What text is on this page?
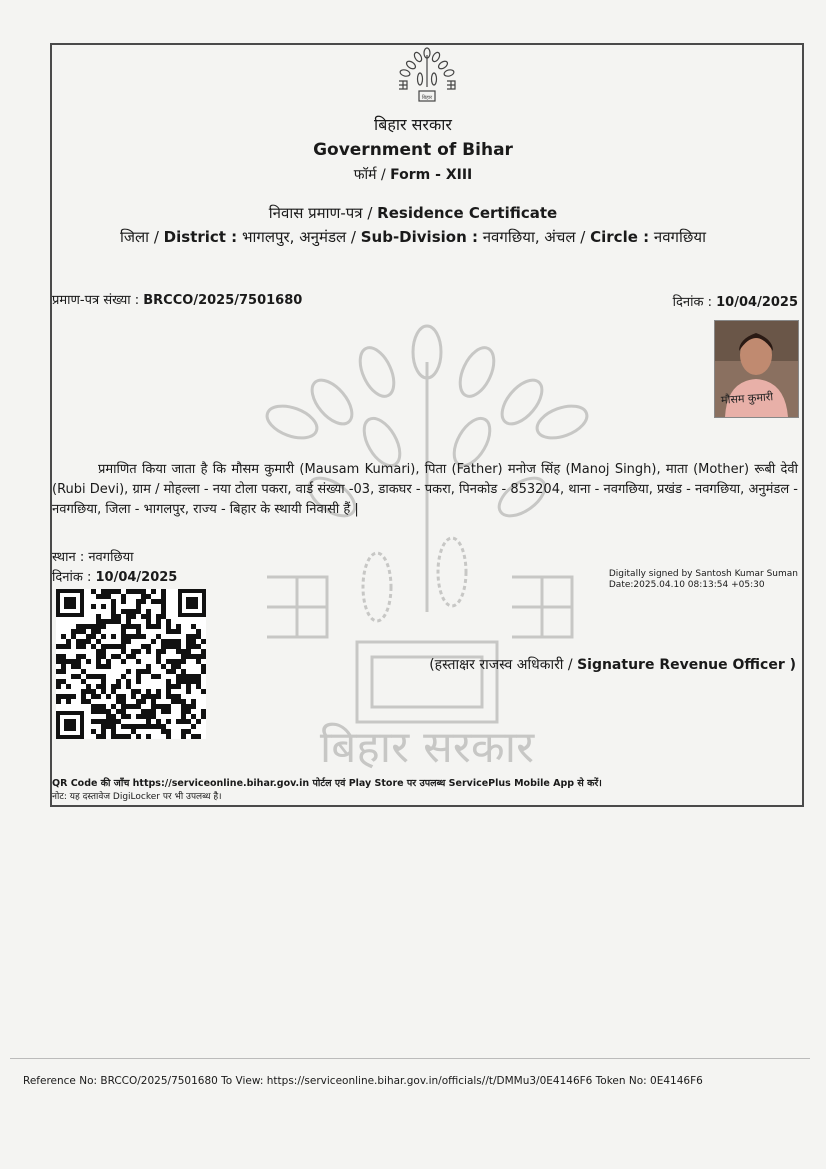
बिहार
बिहार सरकार
बिहार सरकार
Government of Bihar
फॉर्म / Form - XIII
निवास प्रमाण-पत्र / Residence Certificate
जिला / District : भागलपुर, अनुमंडल / Sub-Division : नवगछिया, अंचल / Circle : नवगछिया
प्रमाण-पत्र संख्या : BRCCO/2025/7501680	दिनांक : 10/04/2025
मौसम कुमारी
प्रमाणित किया जाता है कि मौसम कुमारी (Mausam Kumari), पिता (Father) मनोज सिंह (Manoj Singh), माता (Mother) रूबी देवी (Rubi Devi), ग्राम / मोहल्ला - नया टोला पकरा, वार्ड संख्या -03, डाकघर - पकरा, पिनकोड - 853204, थाना - नवगछिया, प्रखंड - नवगछिया, अनुमंडल - नवगछिया, जिला - भागलपुर, राज्य - बिहार के स्थायी निवासी हैं |
स्थान : नवगछिया
दिनांक : 10/04/2025	Digitally signed by Santosh Kumar Suman
Date:2025.04.10 08:13:54 +05:30
(हस्ताक्षर राजस्व अधिकारी / Signature Revenue Officer )
QR Code की जाँच https://serviceonline.bihar.gov.in पोर्टल एवं Play Store पर उपलब्ध ServicePlus Mobile App से करें।
नोट: यह दस्तावेज DigiLocker पर भी उपलब्ध है।
Reference No: BRCCO/2025/7501680 To View: https://serviceonline.bihar.gov.in/officials//t/DMMu3/0E4146F6 Token No: 0E4146F6
